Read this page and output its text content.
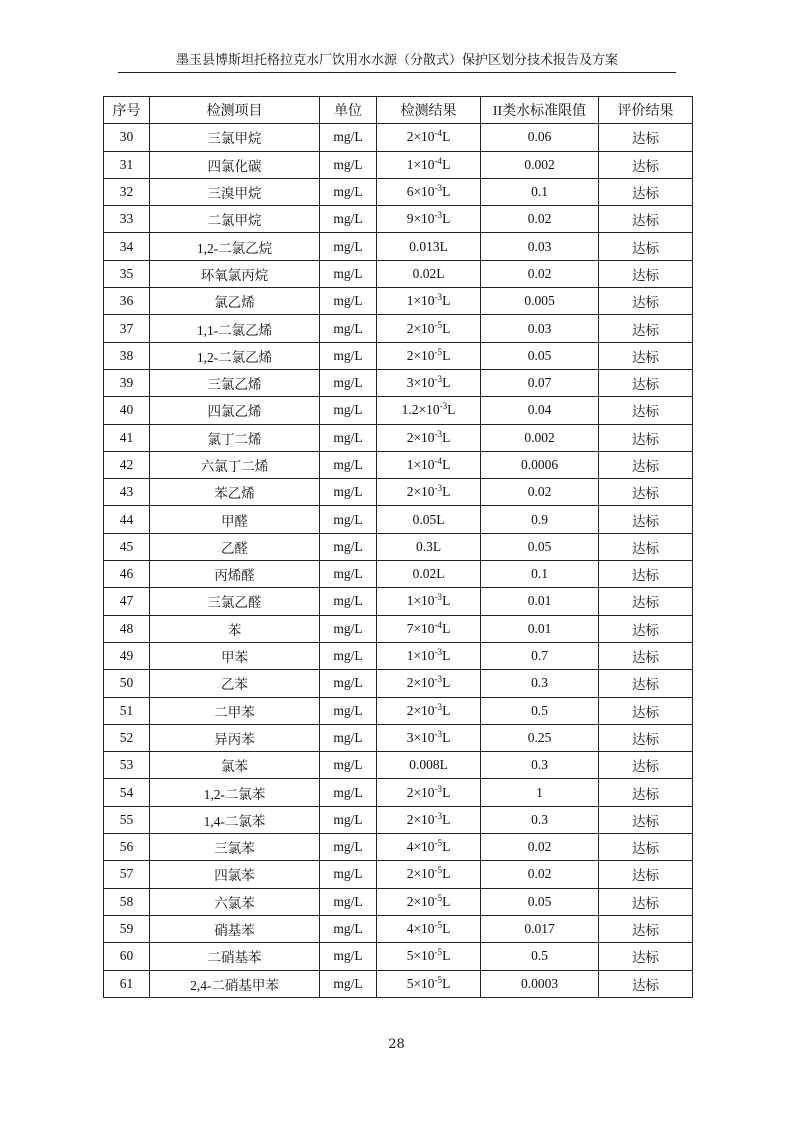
墨玉县博斯坦托格拉克水厂饮用水水源（分散式）保护区划分技术报告及方案
序号	检测项目	单位	检测结果	II类水标准限值	评价结果
30	三氯甲烷	mg/L	$2\times 10^{-4}L$	0.06	达标
31	四氯化碳	mg/L	$1\times 10^{-4}L$	0.002	达标
32	三溴甲烷	mg/L	$6\times 10^{-3}L$	0.1	达标
33	二氯甲烷	mg/L	$9\times 10^{-3}L$	0.02	达标
34	1,2-二氯乙烷	mg/L	0.013L	0.03	达标
35	环氧氯丙烷	mg/L	0.02L	0.02	达标
36	氯乙烯	mg/L	$1\times 10^{-3}L$	0.005	达标
37	1,1-二氯乙烯	mg/L	$2\times 10^{-5}L$	0.03	达标
38	1,2-二氯乙烯	mg/L	$2\times 10^{-5}L$	0.05	达标
39	三氯乙烯	mg/L	$3\times 10^{-3}L$	0.07	达标
40	四氯乙烯	mg/L	$1.2\times 10^{-3}L$	0.04	达标
41	氯丁二烯	mg/L	$2\times 10^{-3}L$	0.002	达标
42	六氯丁二烯	mg/L	$1\times 10^{-4}L$	0.0006	达标
43	苯乙烯	mg/L	$2\times 10^{-3}L$	0.02	达标
44	甲醛	mg/L	0.05L	0.9	达标
45	乙醛	mg/L	0.3L	0.05	达标
46	丙烯醛	mg/L	0.02L	0.1	达标
47	三氯乙醛	mg/L	$1\times 10^{-3}L$	0.01	达标
48	苯	mg/L	$7\times 10^{-4}L$	0.01	达标
49	甲苯	mg/L	$1\times 10^{-3}L$	0.7	达标
50	乙苯	mg/L	$2\times 10^{-3}L$	0.3	达标
51	二甲苯	mg/L	$2\times 10^{-3}L$	0.5	达标
52	异丙苯	mg/L	$3\times 10^{-3}L$	0.25	达标
53	氯苯	mg/L	0.008L	0.3	达标
54	1,2-二氯苯	mg/L	$2\times 10^{-3}L$	1	达标
55	1,4-二氯苯	mg/L	$2\times 10^{-3}L$	0.3	达标
56	三氯苯	mg/L	$4\times 10^{-5}L$	0.02	达标
57	四氯苯	mg/L	$2\times 10^{-5}L$	0.02	达标
58	六氯苯	mg/L	$2\times 10^{-5}L$	0.05	达标
59	硝基苯	mg/L	$4\times 10^{-5}L$	0.017	达标
60	二硝基苯	mg/L	$5\times 10^{-5}L$	0.5	达标
61	2,4-二硝基甲苯	mg/L	$5\times 10^{-5}L$	0.0003	达标
28
